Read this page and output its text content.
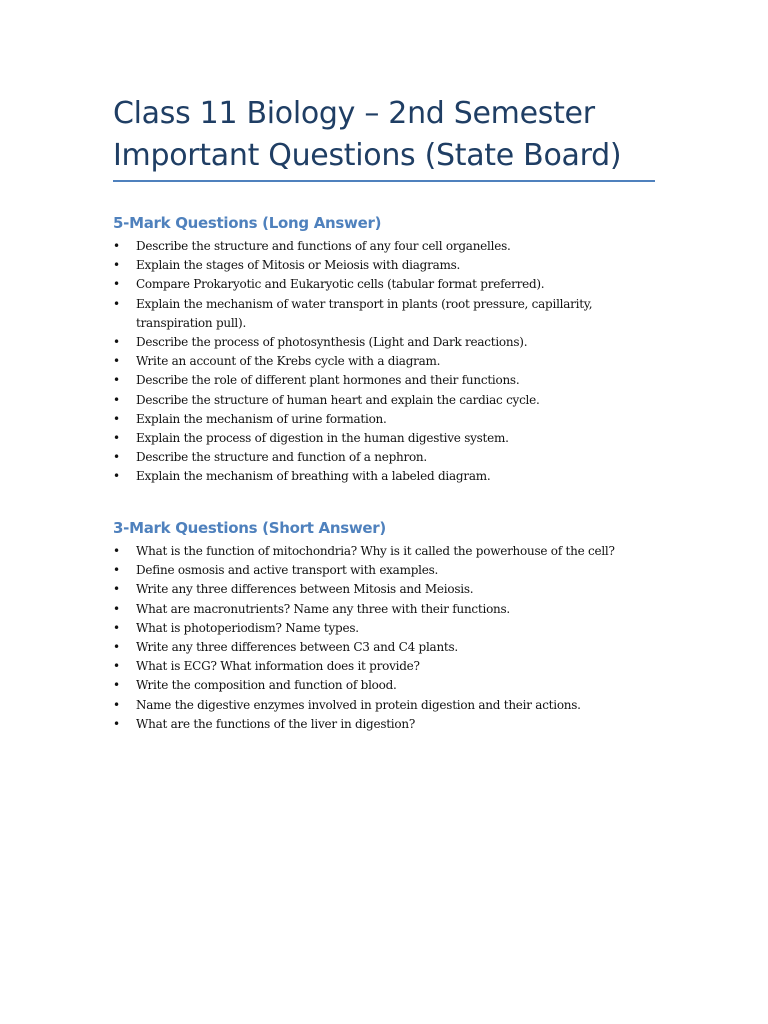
Class 11 Biology – 2nd Semester
Important Questions (State Board)
5-Mark Questions (Long Answer)
• Describe the structure and functions of any four cell organelles.
• Explain the stages of Mitosis or Meiosis with diagrams.
• Compare Prokaryotic and Eukaryotic cells (tabular format preferred).
• Explain the mechanism of water transport in plants (root pressure, capillarity, transpiration pull).
• Describe the process of photosynthesis (Light and Dark reactions).
• Write an account of the Krebs cycle with a diagram.
• Describe the role of different plant hormones and their functions.
• Describe the structure of human heart and explain the cardiac cycle.
• Explain the mechanism of urine formation.
• Explain the process of digestion in the human digestive system.
• Describe the structure and function of a nephron.
• Explain the mechanism of breathing with a labeled diagram.
3-Mark Questions (Short Answer)
• What is the function of mitochondria? Why is it called the powerhouse of the cell?
• Define osmosis and active transport with examples.
• Write any three differences between Mitosis and Meiosis.
• What are macronutrients? Name any three with their functions.
• What is photoperiodism? Name types.
• Write any three differences between C3 and C4 plants.
• What is ECG? What information does it provide?
• Write the composition and function of blood.
• Name the digestive enzymes involved in protein digestion and their actions.
• What are the functions of the liver in digestion?
